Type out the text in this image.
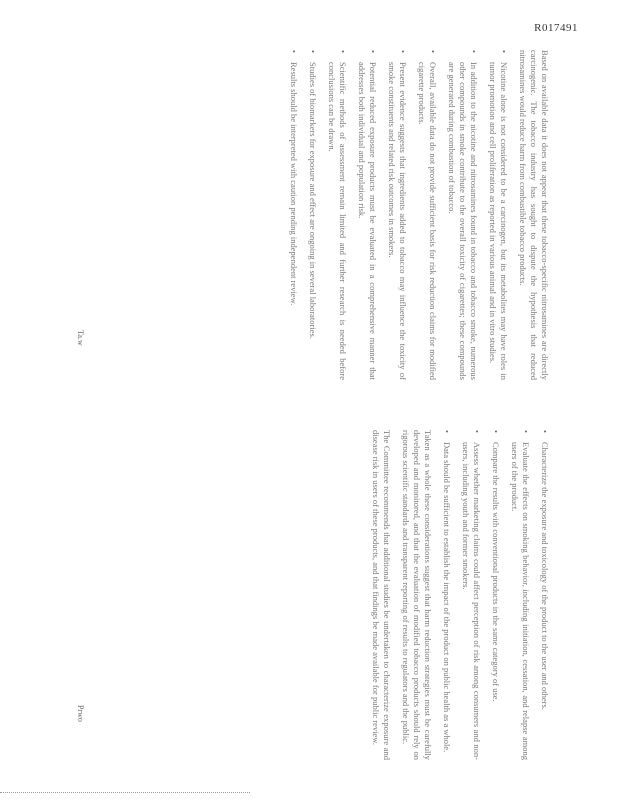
R017491
Ta.w
Prwo

Based on available data it does not appear that these tobacco-specific nitrosamines are directly carcinogenic. The tobacco industry has sought to dispute the hypothesis that reduced nitrosamines would reduce harm from combustible tobacco products.

• Nicotine alone is not considered to be a carcinogen, but its metabolites may have roles in tumor promotion and cell proliferation as reported in various animal and in vitro studies.

• In addition to the nicotine and nitrosamines found in tobacco and tobacco smoke, numerous other compounds in smoke contribute to the overall toxicity of cigarettes; these compounds are generated during combustion of tobacco.

• Overall, available data do not provide sufficient basis for risk reduction claims for modified cigarette products.

• Present evidence suggests that ingredients added to tobacco may influence the toxicity of smoke constituents and related risk outcomes in smokers.

• Potential reduced exposure products must be evaluated in a comprehensive manner that addresses both individual and population risk.

• Scientific methods of assessment remain limited and further research is needed before conclusions can be drawn.

• Studies of biomarkers for exposure and effect are ongoing in several laboratories.

• Results should be interpreted with caution pending independent review.

• Characterize the exposure and toxicology of the product to the user and others.

• Evaluate the effects on smoking behavior, including initiation, cessation, and relapse among users of the product.

• Compare the results with conventional products in the same category of use.

• Assess whether marketing claims could affect perception of risk among consumers and non-users, including youth and former smokers.

• Data should be sufficient to establish the impact of the product on public health as a whole.

Taken as a whole these considerations suggest that harm reduction strategies must be carefully developed and monitored, and that the evaluation of modified tobacco products should rely on rigorous scientific standards and transparent reporting of results to regulators and the public.

The Committee recommends that additional studies be undertaken to characterize exposure and disease risk in users of these products, and that findings be made available for public review.
